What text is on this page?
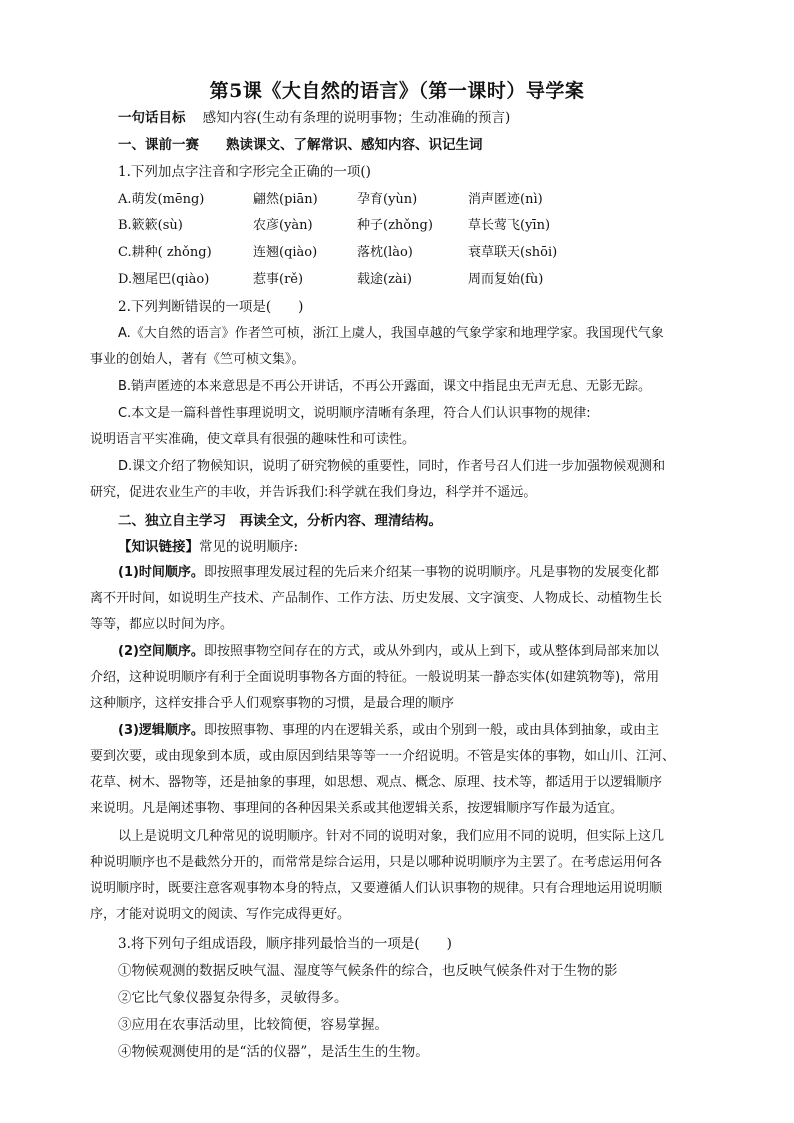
第5课《大自然的语言》（第一课时）导学案
一句话目标 感知内容(生动有条理的说明事物；生动准确的预言)
一、课前一赛　　熟读课文、了解常识、感知内容、识记生词
1.下列加点字注音和字形完全正确的一项()
A.萌发(mēng)	翩然(piān)	孕育(yùn)	消声匿迹(nì)
B.簌簌(sù)	农彦(yàn)	种子(zhǒng)	草长莺飞(yīn)
C.耕种( zhǒng)	连翘(qiào)	落枕(lào)	衰草联天(shōi)
D.翘尾巴(qiào)	惹事(rě)	载途(zài)	周而复始(fù)
2.下列判断错误的一项是(　　)
A.《大自然的语言》作者竺可桢，浙江上虞人，我国卓越的气象学家和地理学家。我国现代气象
事业的创始人，著有《竺可桢文集》。
B.销声匿迹的本来意思是不再公开讲话，不再公开露面，课文中指昆虫无声无息、无影无踪。
C.本文是一篇科普性事理说明文，说明顺序清晰有条理，符合人们认识事物的规律:
说明语言平实准确，使文章具有很强的趣味性和可读性。
D.课文介绍了物候知识，说明了研究物候的重要性，同时，作者号召人们进一步加强物候观测和
研究，促进农业生产的丰收，并告诉我们:科学就在我们身边，科学并不遥远。
二、独立自主学习　再读全文，分析内容、理清结构。
【知识链接】常见的说明顺序:
(1)时间顺序。即按照事理发展过程的先后来介绍某一事物的说明顺序。凡是事物的发展变化都
离不开时间，如说明生产技术、产品制作、工作方法、历史发展、文字演变、人物成长、动植物生长
等等，都应以时间为序。
(2)空间顺序。即按照事物空间存在的方式，或从外到内，或从上到下，或从整体到局部来加以
介绍，这种说明顺序有利于全面说明事物各方面的特征。一般说明某一静态实体(如建筑物等)，常用
这种顺序，这样安排合乎人们观察事物的习惯，是最合理的顺序
(3)逻辑顺序。即按照事物、事理的内在逻辑关系，或由个别到一般，或由具体到抽象，或由主
要到次要，或由现象到本质，或由原因到结果等等一一介绍说明。不管是实体的事物，如山川、江河、
花草、树木、器物等，还是抽象的事理，如思想、观点、概念、原理、技术等，都适用于以逻辑顺序
来说明。凡是阐述事物、事理间的各种因果关系或其他逻辑关系，按逻辑顺序写作最为适宜。
以上是说明文几种常见的说明顺序。针对不同的说明对象，我们应用不同的说明，但实际上这几
种说明顺序也不是截然分开的，而常常是综合运用，只是以哪种说明顺序为主罢了。在考虑运用何各
说明顺序时，既要注意客观事物本身的特点，又要遵循人们认识事物的规律。只有合理地运用说明顺
序，才能对说明文的阅读、写作完成得更好。
3.将下列句子组成语段，顺序排列最恰当的一项是(　　)
①物候观测的数据反映气温、湿度等气候条件的综合，也反映气候条件对于生物的影
②它比气象仪器复杂得多，灵敏得多。
③应用在农事活动里，比较简便，容易掌握。
④物候观测使用的是“活的仪器”，是活生生的生物。
